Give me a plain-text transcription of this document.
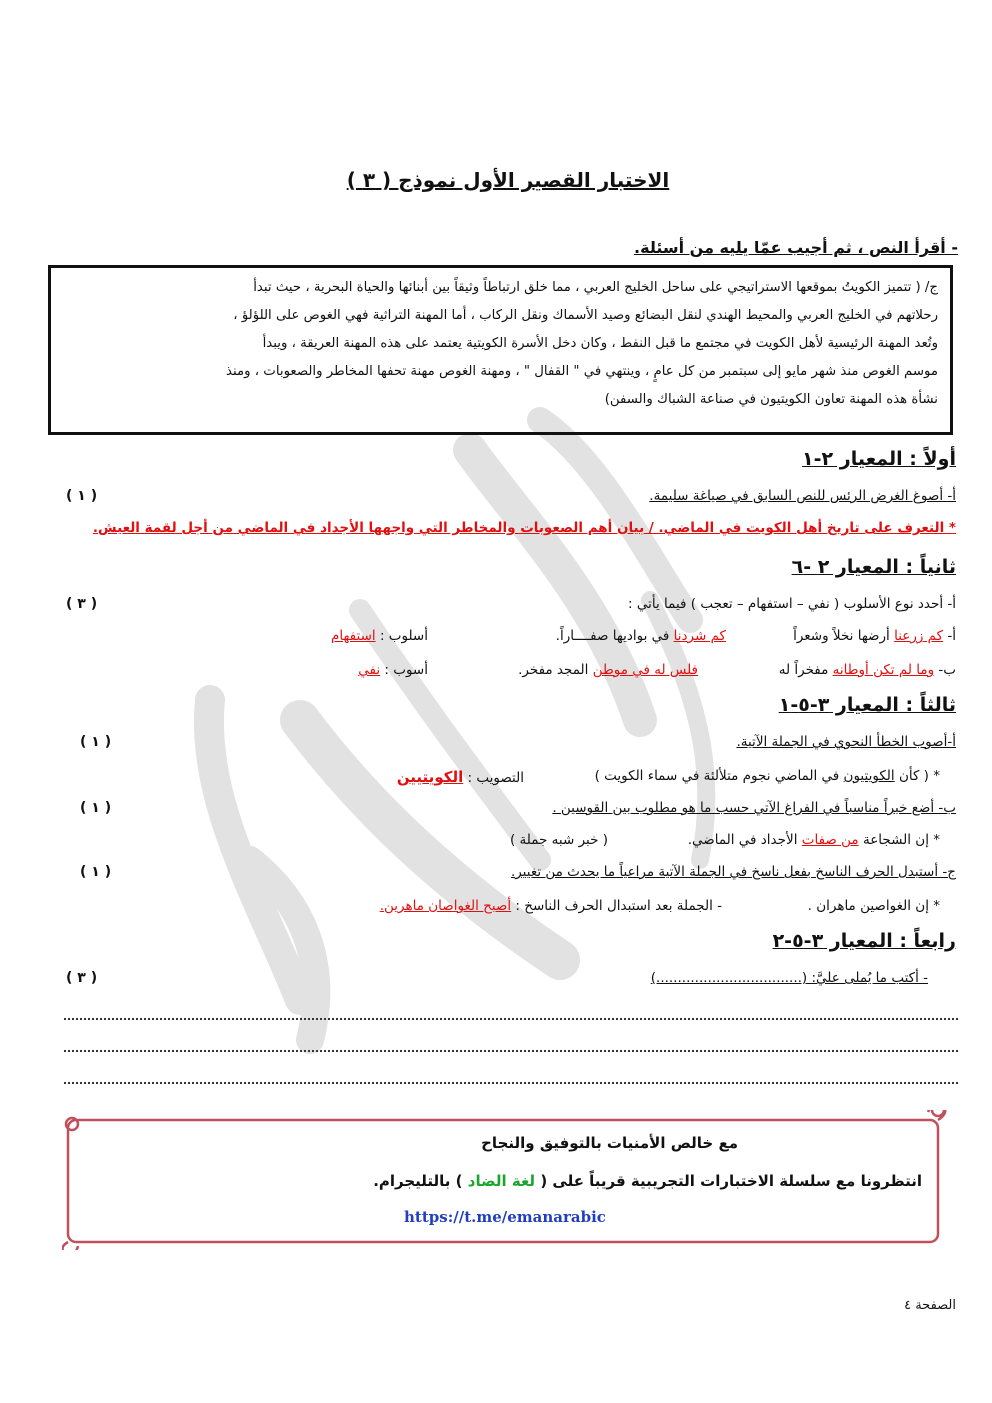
الاختبار القصير الأول نموذج ( ٣ )
- أقرأ النص ، ثم أجيب عمّا يليه من أسئلة.
ج/ ( تتميز الكويتُ بموقعها الاستراتيجي على ساحل الخليج العربي ، مما خلق ارتباطاً وثيقاً بين أبنائها والحياة البحرية ، حيث تبدأ
رحلاتهم في الخليج العربي والمحيط الهندي لنقل البضائع وصيد الأسماك ونقل الركاب ، أما المهنة التراثية فهي الغوص على اللؤلؤ ،
وتُعد المهنة الرئيسية لأهل الكويت في مجتمع ما قبل النفط ، وكان دخل الأسرة الكويتية يعتمد على هذه المهنة العريقة ، ويبدأ
موسم الغوص منذ شهر مايو إلى سبتمبر من كل عامٍ ، وينتهي في " القفال " ، ومهنة الغوص مهنة تحفها المخاطر والصعوبات ، ومنذ
نشأة هذه المهنة تعاون الكويتيون في صناعة الشباك والسفن)
أولاً : المعيار ٢-١
أ- أصوغ الغرض الرئس للنص السابق في صياغة سليمة.
( ١ )
* التعرف على تاريخ أهل الكويت في الماضي. / بيان أهم الصعوبات والمخاطر التي واجهها الأجداد في الماضي من أجل لقمة العيش.
ثانياً : المعيار ٢ -٦
أ- أحدد نوع الأسلوب ( نفي – استفهام – تعجب ) فيما يأتي :
( ٣ )
أ- كم زرعنا أرضها نخلاً وشعراً
كم شردنا في بواديها صفــــاراً.
أسلوب : استفهام
ب- وما لم تكن أوطانه مفخراً له
فلس له في موطن المجد مفخر.
أسوب : نفي
ثالثاً : المعيار ٣-٥-١
أ-أصوب الخطأ النحوي في الجملة الآتية.
( ١ )
* ( كأن الكويتيون في الماضي نجوم متلألئة في سماء الكويت )
التصويب : الكويتيين
ب- أضع خبراً مناسباً في الفراغ الآتي حسب ما هو مطلوب بين القوسين .
( ١ )
* إن الشجاعة من صفات الأجداد في الماضي.
( خبر شبه جملة )
ج- أستبدل الحرف الناسخ بفعل ناسخ في الجملة الآتية مراعياً ما يحدث من تغيير.
( ١ )
* إن الغواصين ماهران .
- الجملة بعد استبدال الحرف الناسخ : أصبح الغواصان ماهرين.
رابعاً : المعيار ٣-٥-٢
- أكتب ما يُملى عليَّ: (..................................)
( ٣ )
مع خالص الأمنيات بالتوفيق والنجاح
انتظرونا مع سلسلة الاختبارات التجريبية قريباً على ( لغة الضاد ) بالتليجرام.
https://t.me/emanarabic
الصفحة ٤
